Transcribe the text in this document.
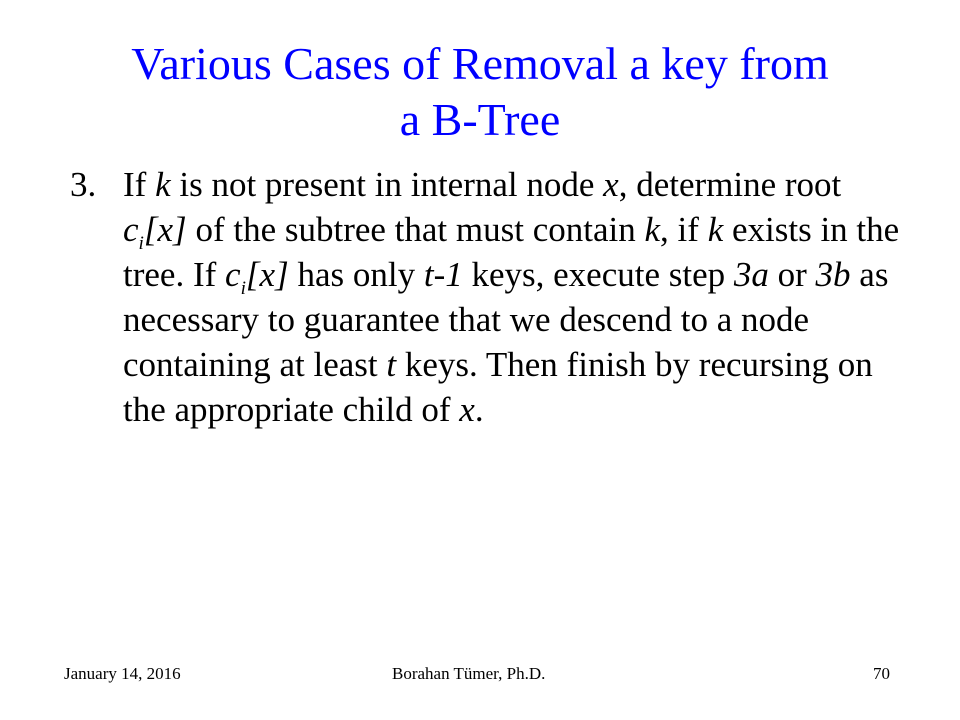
Various Cases of Removal a key from
a B-Tree
3. If k is not present in internal node x, determine root $c_i[x]$ of the subtree that must contain k, if k exists in the tree. If $c_i[x]$ has only t-1 keys, execute step 3a or 3b as necessary to guarantee that we descend to a node containing at least t keys. Then finish by recursing on the appropriate child of x.
January 14, 2016	Borahan Tümer, Ph.D.	70
